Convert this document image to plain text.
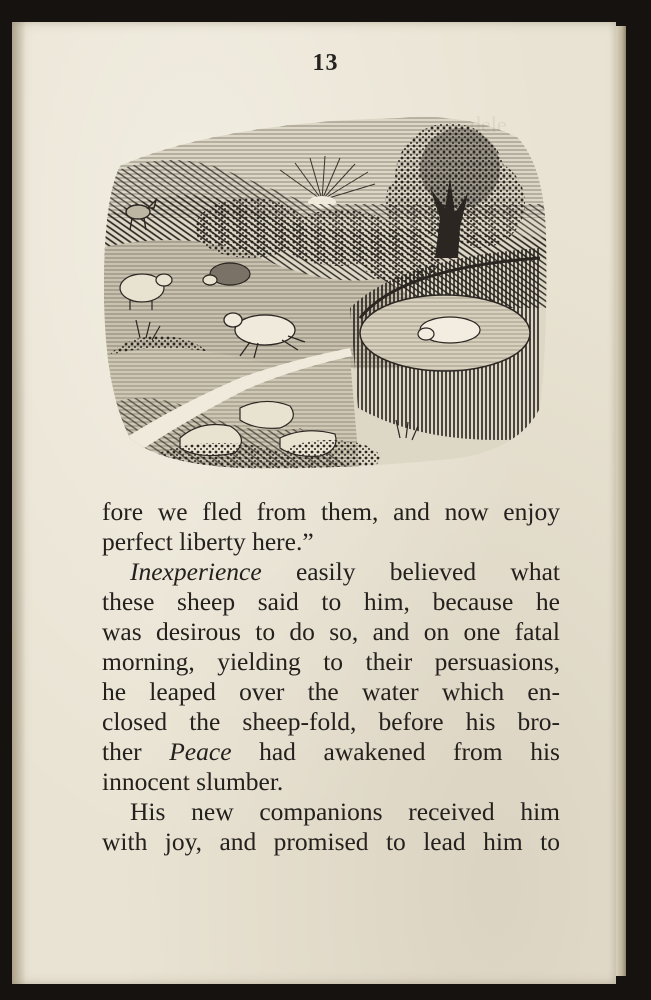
13
dele
fore we fled from them, and now enjoy
perfect liberty here.”
Inexperience easily believed what
these sheep said to him, because he
was desirous to do so, and on one fatal
morning, yielding to their persuasions,
he leaped over the water which en-
closed the sheep-fold, before his bro-
ther Peace had awakened from his
innocent slumber.
His new companions received him
with joy, and promised to lead him to
